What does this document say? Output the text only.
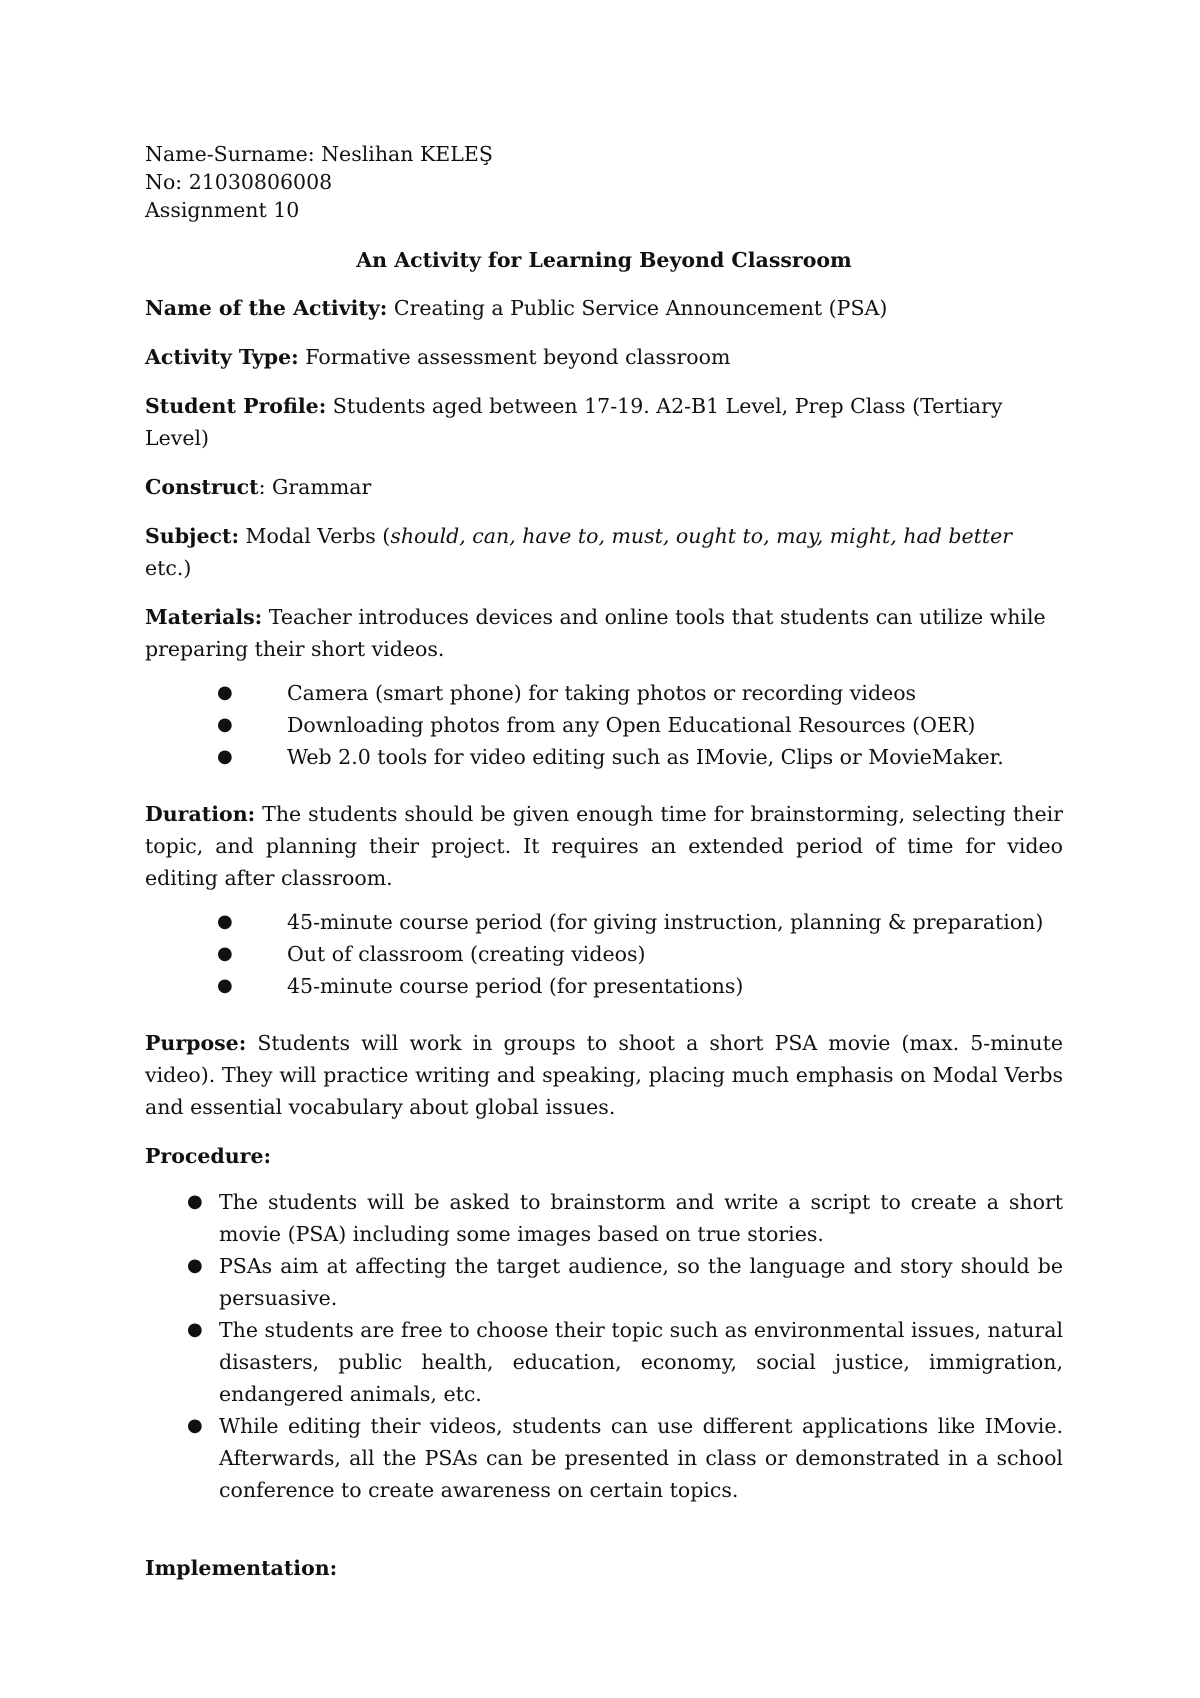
Name-Surname: Neslihan KELEŞ
No: 21030806008
Assignment 10
An Activity for Learning Beyond Classroom
Name of the Activity: Creating a Public Service Announcement (PSA)
Activity Type: Formative assessment beyond classroom
Student Profile: Students aged between 17-19. A2-B1 Level, Prep Class (Tertiary Level)
Construct: Grammar
Subject: Modal Verbs (should, can, have to, must, ought to, may, might, had better etc.)
Materials: Teacher introduces devices and online tools that students can utilize while preparing their short videos.
●	Camera (smart phone) for taking photos or recording videos
●	Downloading photos from any Open Educational Resources (OER)
●	Web 2.0 tools for video editing such as IMovie, Clips or MovieMaker.
Duration: The students should be given enough time for brainstorming, selecting their topic, and planning their project. It requires an extended period of time for video editing after classroom.
●	45-minute course period (for giving instruction, planning & preparation)
●	Out of classroom (creating videos)
●	45-minute course period (for presentations)
Purpose: Students will work in groups to shoot a short PSA movie (max. 5-minute video). They will practice writing and speaking, placing much emphasis on Modal Verbs and essential vocabulary about global issues.
Procedure:
● The students will be asked to brainstorm and write a script to create a short movie (PSA) including some images based on true stories.
● PSAs aim at affecting the target audience, so the language and story should be persuasive.
● The students are free to choose their topic such as environmental issues, natural disasters, public health, education, economy, social justice, immigration, endangered animals, etc.
● While editing their videos, students can use different applications like IMovie. Afterwards, all the PSAs can be presented in class or demonstrated in a school conference to create awareness on certain topics.
Implementation:
